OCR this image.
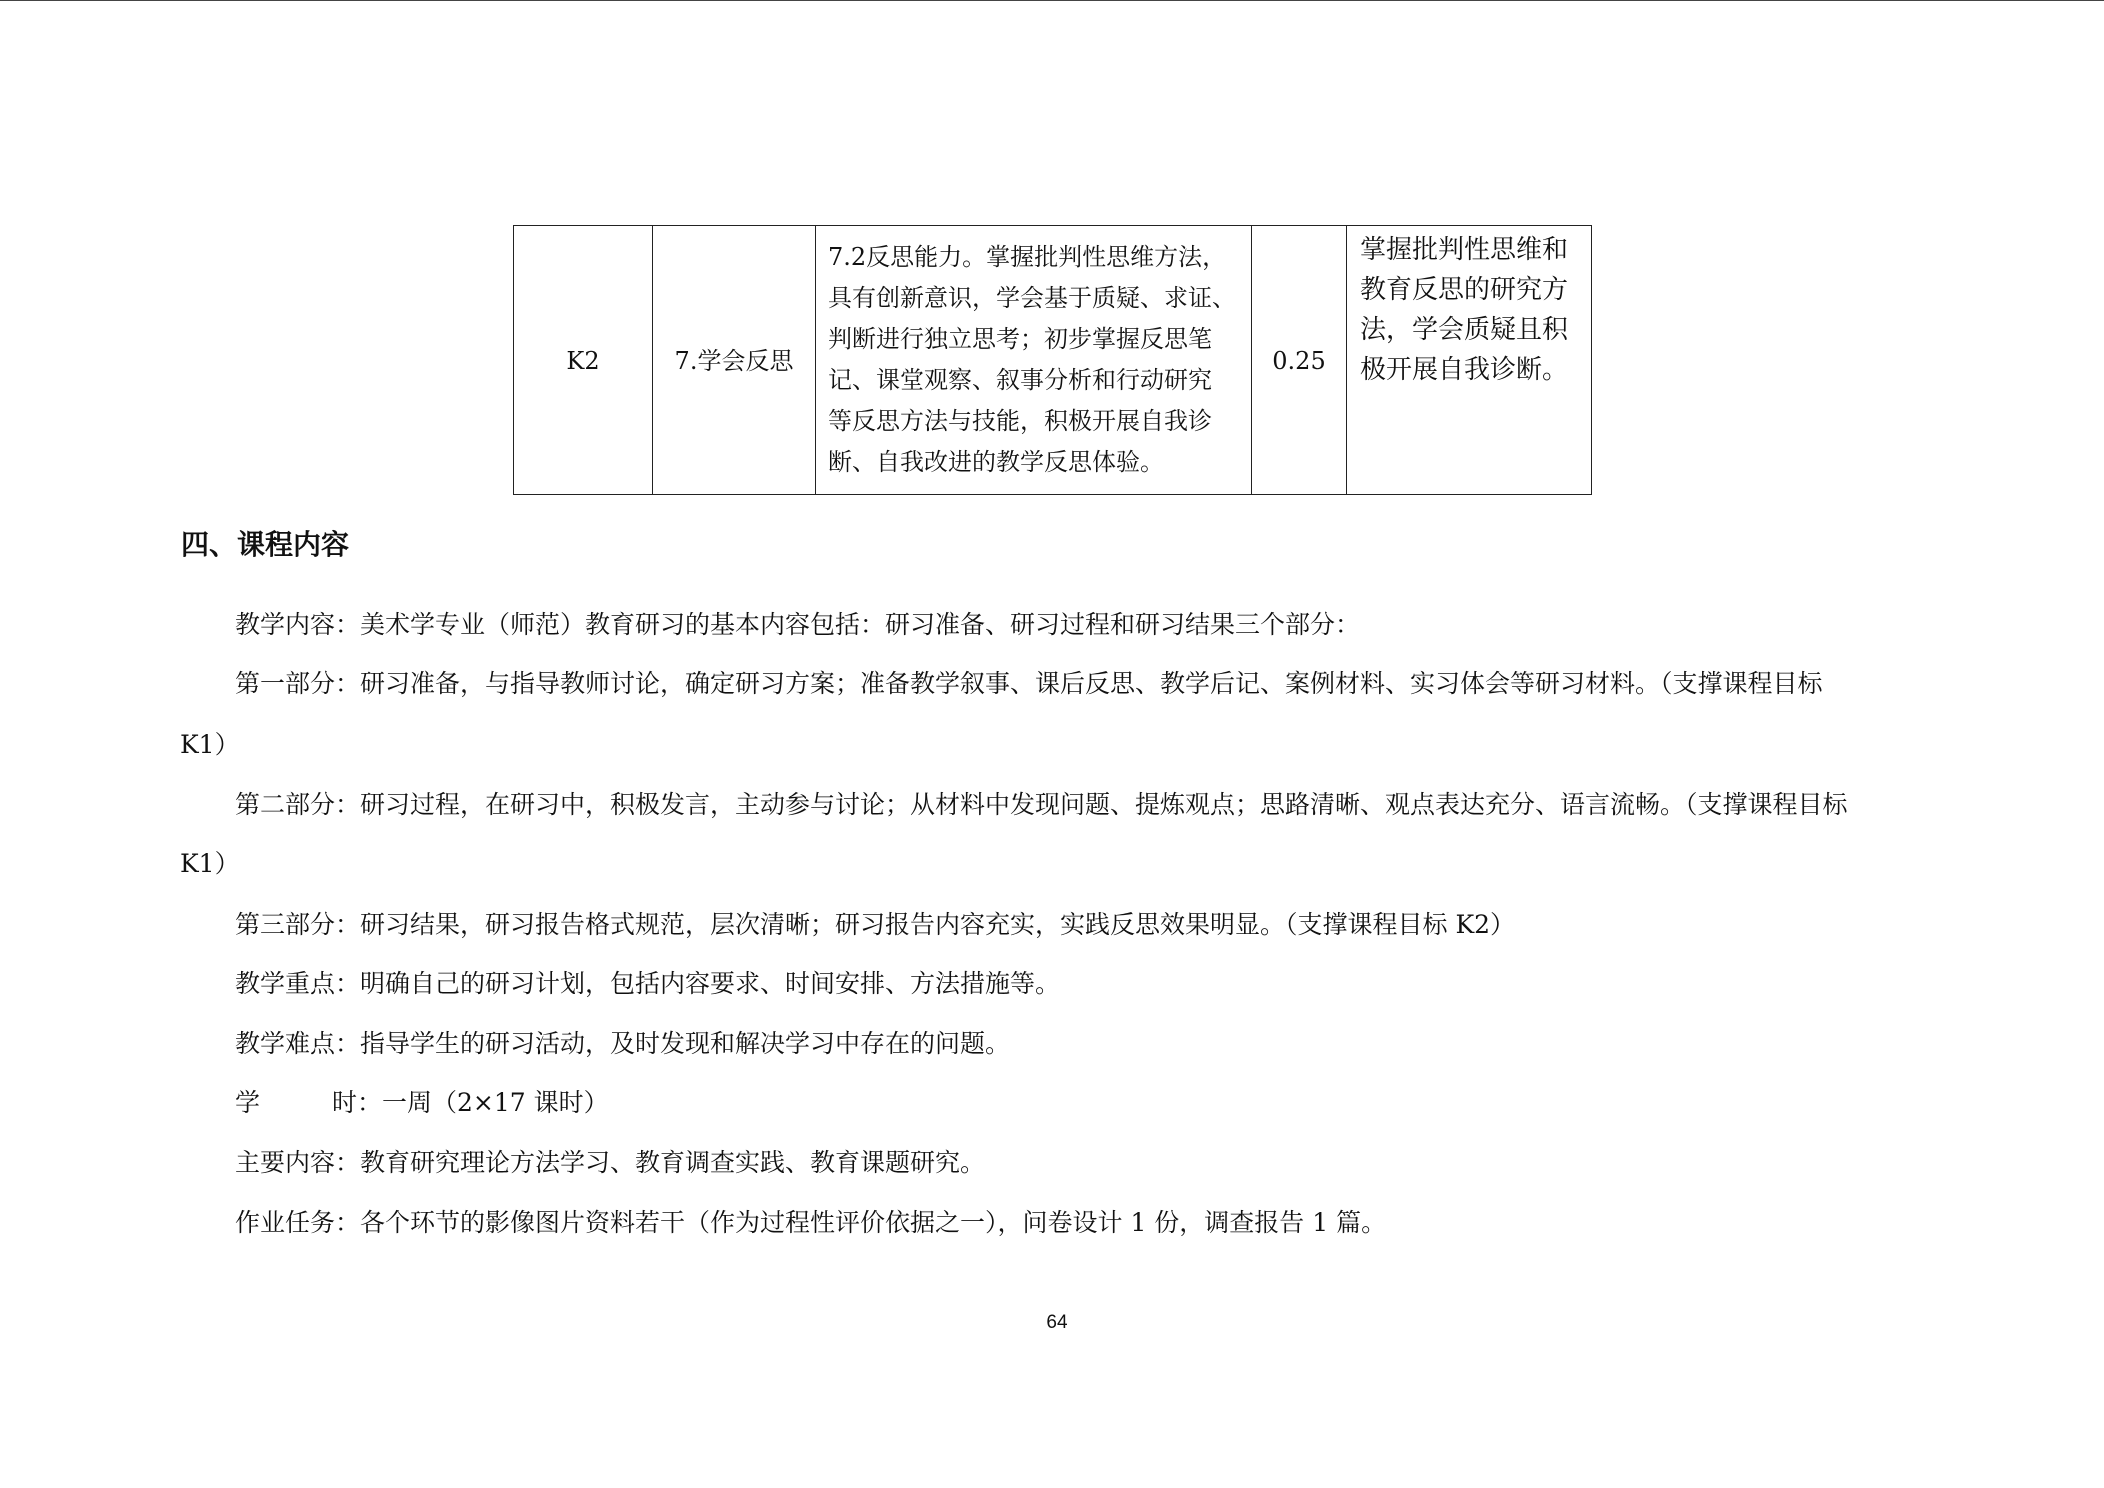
K2	7.学会反思
7.2反思能力。掌握批判性思维方法，
具有创新意识，学会基于质疑、求证、
判断进行独立思考；初步掌握反思笔
记、课堂观察、叙事分析和行动研究
等反思方法与技能，积极开展自我诊
断、自我改进的教学反思体验。
0.25
掌握批判性思维和
教育反思的研究方
法，学会质疑且积
极开展自我诊断。
四、课程内容
教学内容：美术学专业（师范）教育研习的基本内容包括：研习准备、研习过程和研习结果三个部分：
第一部分：研习准备，与指导教师讨论，确定研习方案；准备教学叙事、课后反思、教学后记、案例材料、实习体会等研习材料。（支撑课程目标
K1）
第二部分：研习过程，在研习中，积极发言，主动参与讨论；从材料中发现问题、提炼观点；思路清晰、观点表达充分、语言流畅。（支撑课程目标
K1）
第三部分：研习结果，研习报告格式规范，层次清晰；研习报告内容充实，实践反思效果明显。（支撑课程目标 K2）
教学重点：明确自己的研习计划，包括内容要求、时间安排、方法措施等。
教学难点：指导学生的研习活动，及时发现和解决学习中存在的问题。
学	时：一周（2×17 课时）
主要内容：教育研究理论方法学习、教育调查实践、教育课题研究。
作业任务：各个环节的影像图片资料若干（作为过程性评价依据之一），问卷设计 1 份，调查报告 1 篇。
64
